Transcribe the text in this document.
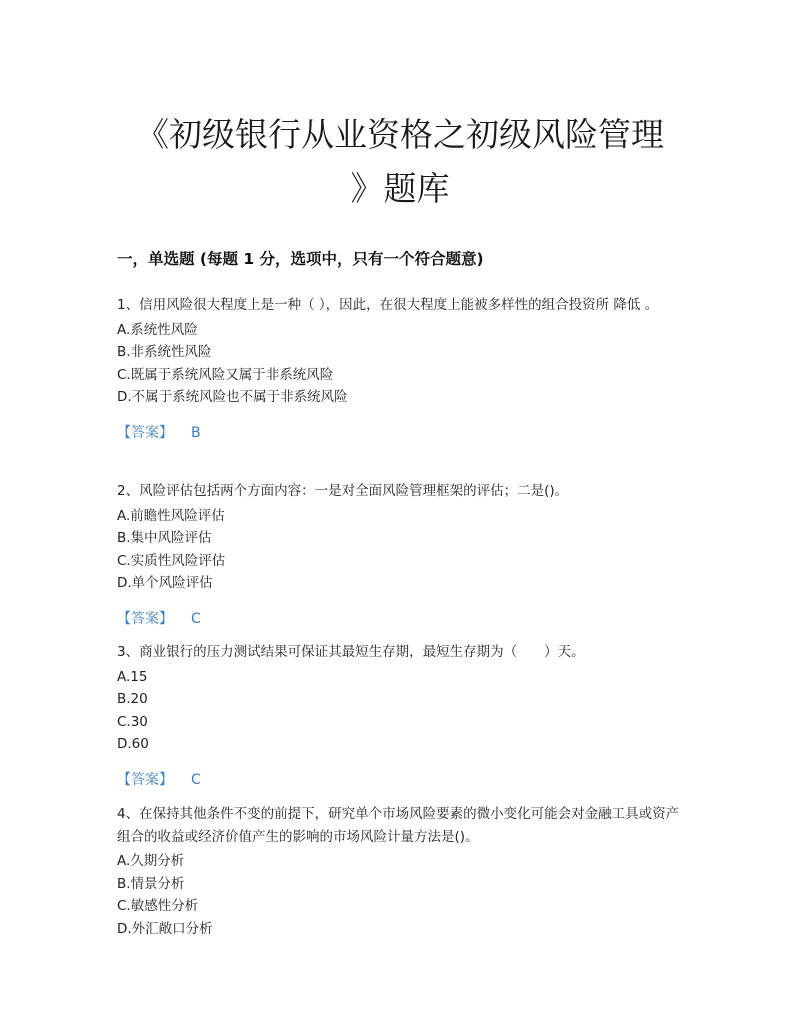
《初级银行从业资格之初级风险管理
》题库
一，单选题 (每题 1 分，选项中，只有一个符合题意)

1、信用风险很大程度上是一种（ ），因此，在很大程度上能被多样性的组合投资所 降低 。

A.系统性风险

B.非系统性风险

C.既属于系统风险又属于非系统风险

D.不属于系统风险也不属于非系统风险

【答案】 B

2、风险评估包括两个方面内容：一是对全面风险管理框架的评估；二是()。

A.前瞻性风险评估

B.集中风险评估

C.实质性风险评估

D.单个风险评估

【答案】 C

3、商业银行的压力测试结果可保证其最短生存期，最短生存期为（　　）天。

A.15

B.20

C.30

D.60

【答案】 C

4、在保持其他条件不变的前提下，研究单个市场风险要素的微小变化可能会对金融工具或资产组合的收益或经济价值产生的影响的市场风险计量方法是()。

A.久期分析

B.情景分析

C.敏感性分析

D.外汇敞口分析
